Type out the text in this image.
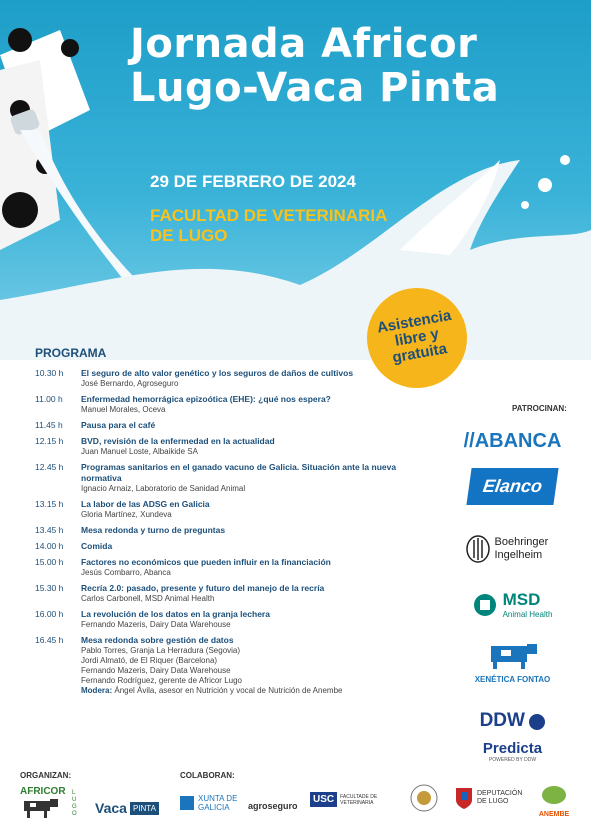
Jornada Africor
Lugo-Vaca Pinta
29 DE FEBRERO DE 2024
FACULTAD DE VETERINARIA DE LUGO
Asistencia libre y gratuita
PROGRAMA
10.30 h El seguro de alto valor genético y los seguros de daños de cultivos
José Bernardo, Agroseguro
11.00 h Enfermedad hemorrágica epizoótica (EHE): ¿qué nos espera?
Manuel Morales, Oceva
11.45 h Pausa para el café
12.15 h BVD, revisión de la enfermedad en la actualidad
Juan Manuel Loste, Albaikide SA
12.45 h Programas sanitarios en el ganado vacuno de Galicia. Situación ante la nueva normativa
Ignacio Arnaiz, Laboratorio de Sanidad Animal
13.15 h La labor de las ADSG en Galicia
Gloria Martínez, Xundeva
13.45 h Mesa redonda y turno de preguntas
14.00 h Comida
15.00 h Factores no económicos que pueden influir en la financiación
Jesús Combarro, Abanca
15.30 h Recría 2.0: pasado, presente y futuro del manejo de la recría
Carlos Carbonell, MSD Animal Health
16.00 h La revolución de los datos en la granja lechera
Fernando Mazeris, Dairy Data Warehouse
16.45 h Mesa redonda sobre gestión de datos
Pablo Torres, Granja La Herradura (Segovia)
Jordi Almató, de El Riquer (Barcelona)
Fernando Mazeris, Dairy Data Warehouse
Fernando Rodríguez, gerente de Africor Lugo
Modera: Ángel Ávila, asesor en Nutrición y vocal de Nutrición de Anembe
PATROCINAN:
//ABANCA
Elanco
Boehringer Ingelheim
MSD
Animal Health
XENÉTICA FONTAO
DDW
Predicta
POWERED BY DDW
ORGANIZAN:	COLABORAN:
AFRICOR	LUGO Vaca PINTA
XUNTA DE GALICIA	agroseguro
USC	FACULTADE DE VETERINARIA
DEPUTACIÓN DE LUGO
ANEMBE
